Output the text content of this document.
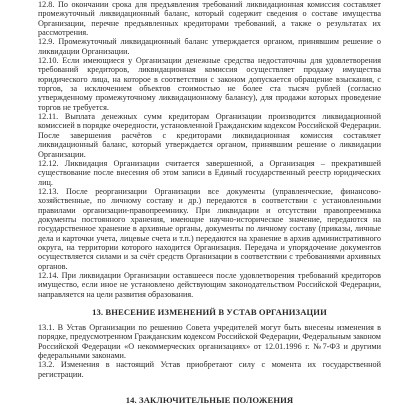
12.8. По окончании срока для предъявления требований ликвидационная комиссия составляет промежуточный ликвидационный баланс, который содержит сведения о составе имущества Организации, перечне предъявленных кредиторами требований, а также о результатах их рассмотрения.

12.9. Промежуточный ликвидационный баланс утверждается органом, принявшим решение о ликвидации Организации.

12.10. Если имеющиеся у Организации денежные средства недостаточны для удовлетворения требований кредиторов, ликвидационная комиссия осуществляет продажу имущества юридического лица, на которое в соответствии с законом допускается обращение взыскания, с торгов, за исключением объектов стоимостью не более ста тысяч рублей (согласно утвержденному промежуточному ликвидационному балансу), для продажи которых проведение торгов не требуется.

12.11. Выплата денежных сумм кредиторам Организации производится ликвидационной комиссией в порядке очередности, установленной Гражданским кодексом Российской Федерации. После завершения расчётов с кредиторами ликвидационная комиссия составляет ликвидационный баланс, который утверждается органом, принявшим решение о ликвидации Организации.

12.12. Ликвидация Организации считается завершенной, а Организация – прекратившей существование после внесения об этом записи в Единый государственный реестр юридических лиц.

12.13. После реорганизации Организации все документы (управленческие, финансово-хозяйственные, по личному составу и др.) передаются в соответствии с установленными правилами организации-правопреемнику. При ликвидации и отсутствии правопреемника документы постоянного хранения, имеющие научно-историческое значение, передаются на государственное хранение в архивные органы, документы по личному составу (приказы, личные дела и карточки учета, лицевые счета и т.п.) передаются на хранение в архив административного округа, на территории которого находится Организация. Передача и упорядочение документов осуществляется силами и за счёт средств Организации в соответствии с требованиями архивных органов.

12.14. При ликвидации Организации оставшееся после удовлетворения требований кредиторов имущество, если иное не установлено действующим законодательством Российской Федерации, направляется на цели развития образования.

13. ВНЕСЕНИЕ ИЗМЕНЕНИЙ В УСТАВ ОРГАНИЗАЦИИ

13.1. В Устав Организации по решению Совета учредителей могут быть внесены изменения в порядке, предусмотренном Гражданским кодексом Российской Федерации, Федеральным законом Российской Федерации «О некоммерческих организациях» от 12.01.1996 г. №7-ФЗ и другими федеральными законами.

13.2. Изменения в настоящий Устав приобретают силу с момента их государственной регистрации.

14. ЗАКЛЮЧИТЕЛЬНЫЕ ПОЛОЖЕНИЯ
